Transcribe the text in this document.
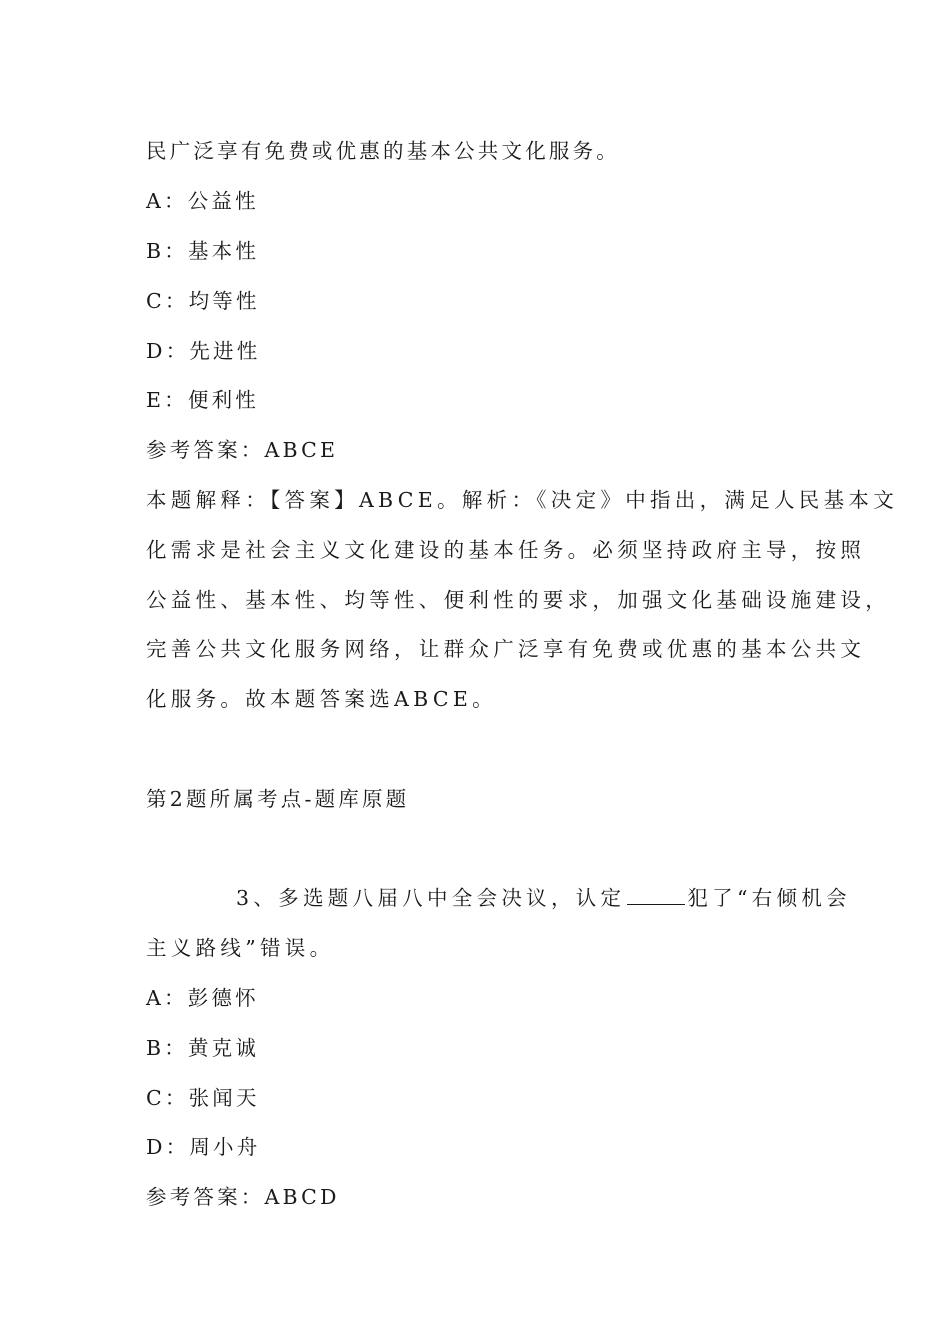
民广泛享有免费或优惠的基本公共文化服务。
A：公益性
B：基本性
C：均等性
D：先进性
E：便利性
参考答案：ABCE
本题解释：【答案】ABCE。解析：《决定》中指出，满足人民基本文
化需求是社会主义文化建设的基本任务。必须坚持政府主导，按照
公益性、基本性、均等性、便利性的要求，加强文化基础设施建设，
完善公共文化服务网络，让群众广泛享有免费或优惠的基本公共文
化服务。故本题答案选ABCE。
第2题所属考点-题库原题
3、多选题八届八中全会决议，认定	犯了“右倾机会
主义路线”错误。
A：彭德怀
B：黄克诚
C：张闻天
D：周小舟
参考答案：ABCD
